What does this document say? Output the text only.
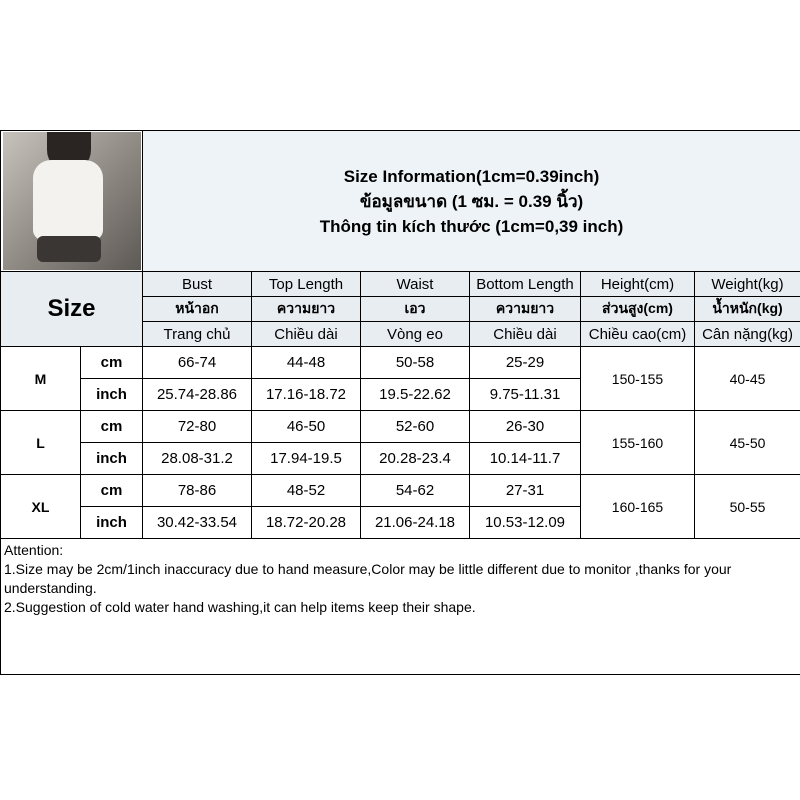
		Size Information(1cm=0.39inch)
ข้อมูลขนาด (1 ซม. = 0.39 นิ้ว)
Thông tin kích thước (1cm=0,39 inch)					

Size		Bust	Top Length	Waist	Bottom Length	Height(cm)	Weight(kg)
		หน้าอก	ความยาว	เอว	ความยาว	ส่วนสูง(cm)	น้ำหนัก(kg)
		Trang chủ	Chiều dài	Vòng eo	Chiều dài	Chiều cao(cm)	Cân nặng(kg)
M	cm	66-74	44-48	50-58	25-29	150-155	40-45
	inch	25.74-28.86	17.16-18.72	19.5-22.62	9.75-11.31		
L	cm	72-80	46-50	52-60	26-30	155-160	45-50
	inch	28.08-31.2	17.94-19.5	20.28-23.4	10.14-11.7		
XL	cm	78-86	48-52	54-62	27-31	160-165	50-55
	inch	30.42-33.54	18.72-20.28	21.06-24.18	10.53-12.09		

Attention:
1.Size may be 2cm/1inch inaccuracy due to hand measure,Color may be little different due to monitor ,thanks for your understanding.
2.Suggestion of cold water hand washing,it can help items keep their shape.							
